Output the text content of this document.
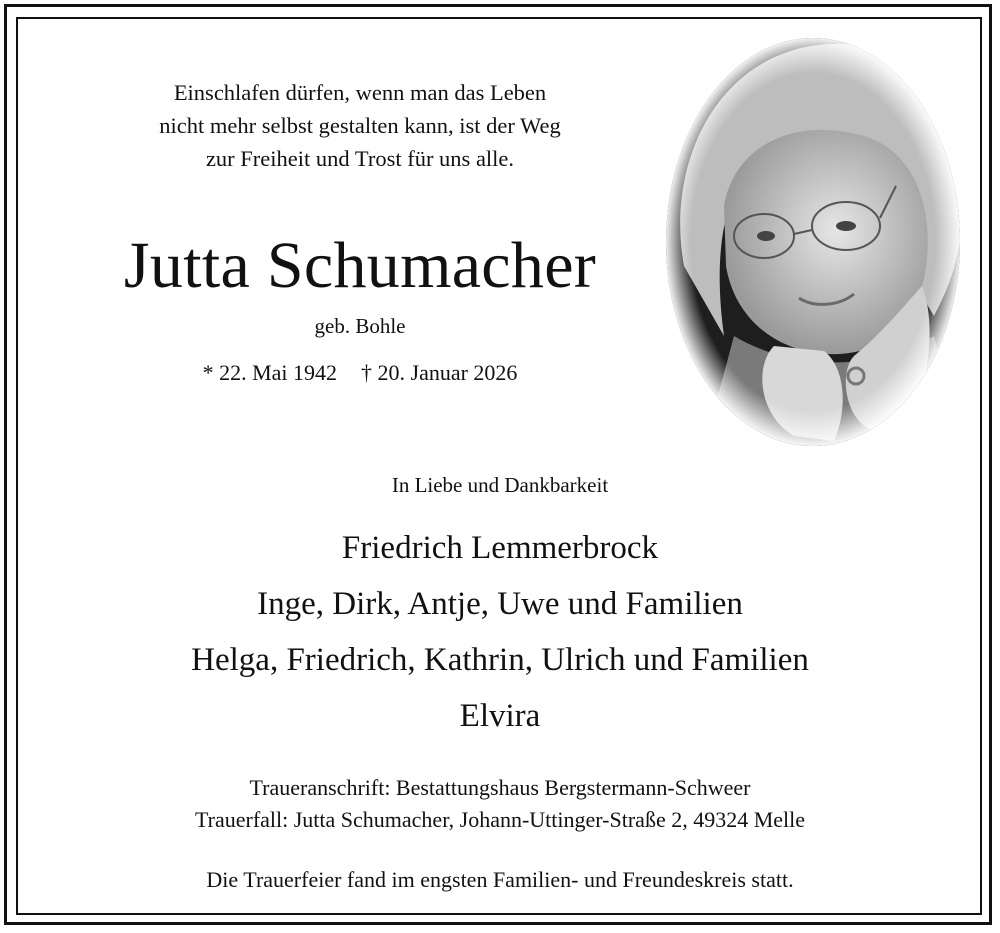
Einschlafen dürfen, wenn man das Leben
nicht mehr selbst gestalten kann, ist der Weg
zur Freiheit und Trost für uns alle.

Jutta Schumacher

geb. Bohle

* 22. Mai 1942 † 20. Januar 2026

In Liebe und Dankbarkeit

Friedrich Lemmerbrock
Inge, Dirk, Antje, Uwe und Familien
Helga, Friedrich, Kathrin, Ulrich und Familien
Elvira

Traueranschrift: Bestattungshaus Bergstermann-Schweer
Trauerfall: Jutta Schumacher, Johann-Uttinger-Straße 2, 49324 Melle

Die Trauerfeier fand im engsten Familien- und Freundeskreis statt.
